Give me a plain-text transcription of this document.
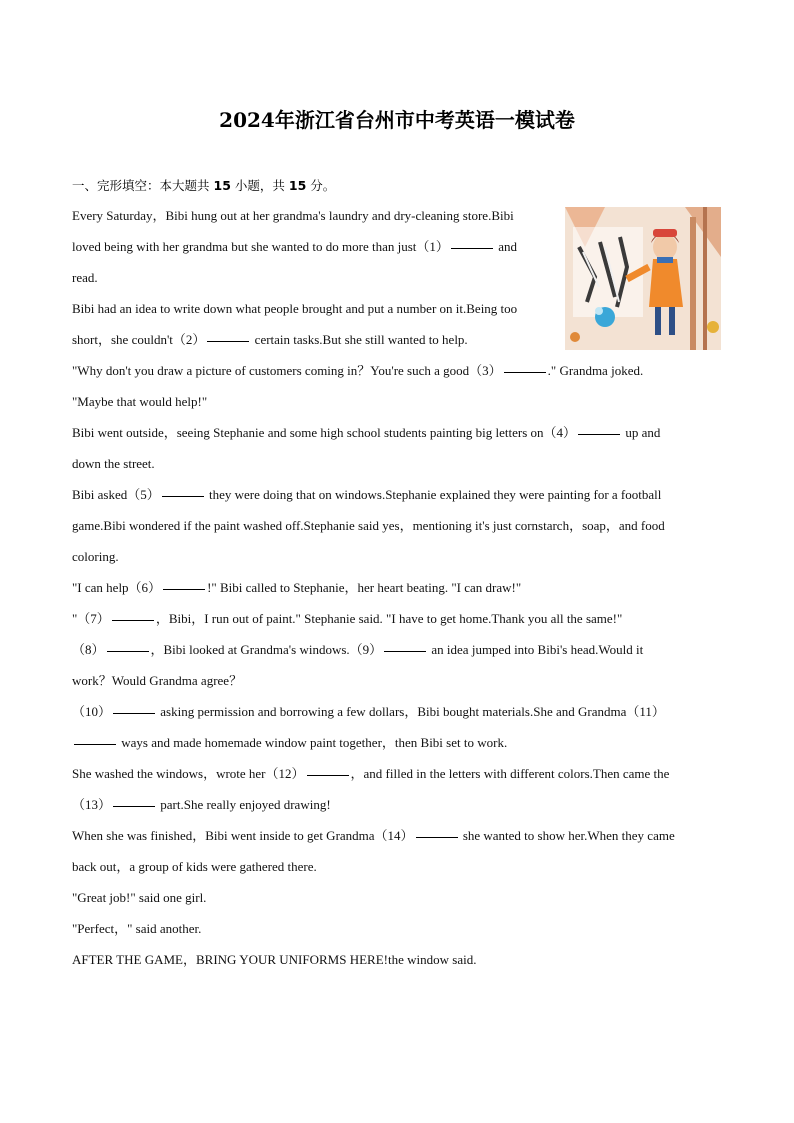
2024年浙江省台州市中考英语一模试卷
一、完形填空：本大题共 15 小题，共 15 分。
Every Saturday，Bibi hung out at her grandma's laundry and dry-cleaning store.Bibi
loved being with her grandma but she wanted to do more than just（1）	and
read.
Bibi had an idea to write down what people brought and put a number on it.Being too
short，she couldn't（2）	certain tasks.But she still wanted to help.
"Why don't you draw a picture of customers coming in？You're such a good（3）	." Grandma joked.
"Maybe that would help!"
Bibi went outside，seeing Stephanie and some high school students painting big letters on（4）	up and
down the street.
Bibi asked（5）	they were doing that on windows.Stephanie explained they were painting for a football
game.Bibi wondered if the paint washed off.Stephanie said yes，mentioning it's just cornstarch，soap，and food
coloring.
"I can help（6）	!" Bibi called to Stephanie，her heart beating. "I can draw!"
"（7）	，Bibi，I run out of paint." Stephanie said. "I have to get home.Thank you all the same!"
（8）	，Bibi looked at Grandma's windows.（9）	an idea jumped into Bibi's head.Would it
work？Would Grandma agree？
（10）	asking permission and borrowing a few dollars，Bibi bought materials.She and Grandma（11）
ways and made homemade window paint together，then Bibi set to work.
She washed the windows，wrote her（12）	，and filled in the letters with different colors.Then came the
（13）	part.She really enjoyed drawing!
When she was finished，Bibi went inside to get Grandma（14）	she wanted to show her.When they came
back out，a group of kids were gathered there.
"Great job!" said one girl.
"Perfect，" said another.
AFTER THE GAME，BRING YOUR UNIFORMS HERE!the window said.
